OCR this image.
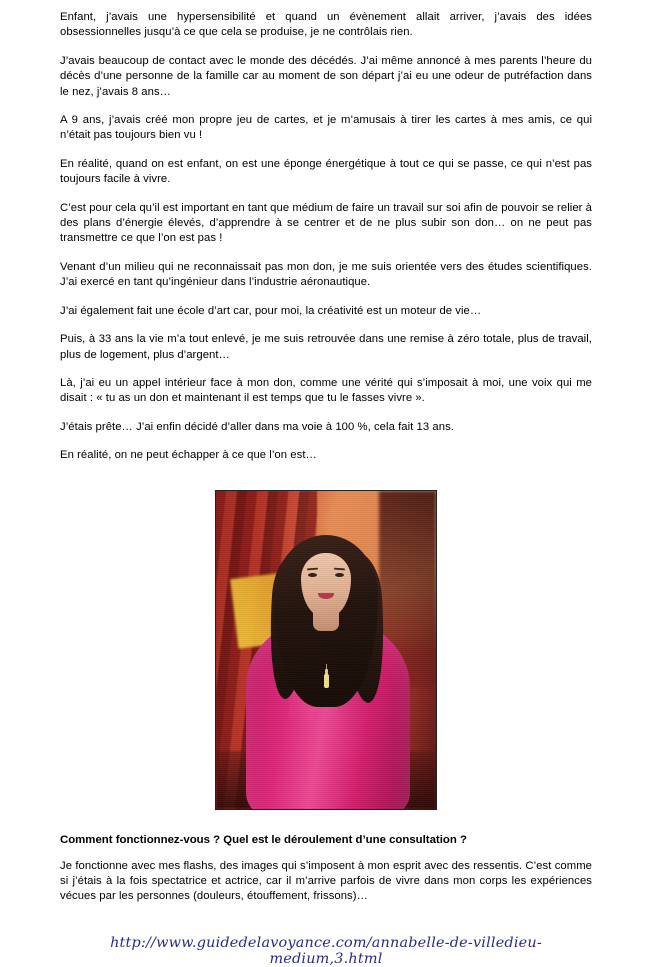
Enfant, j’avais une hypersensibilité et quand un évènement allait arriver, j’avais des idées obsessionnelles jusqu’à ce que cela se produise, je ne contrôlais rien.

J’avais beaucoup de contact avec le monde des décédés. J’ai même annoncé à mes parents l’heure du décès d’une personne de la famille car au moment de son départ j’ai eu une odeur de putréfaction dans le nez, j’avais 8 ans…

A 9 ans, j’avais créé mon propre jeu de cartes, et je m’amusais à tirer les cartes à mes amis, ce qui n’était pas toujours bien vu !

En réalité, quand on est enfant, on est une éponge énergétique à tout ce qui se passe, ce qui n’est pas toujours facile à vivre.

C’est pour cela qu’il est important en tant que médium de faire un travail sur soi afin de pouvoir se relier à des plans d’énergie élevés, d’apprendre à se centrer et de ne plus subir son don… on ne peut pas transmettre ce que l’on est pas !

Venant d’un milieu qui ne reconnaissait pas mon don, je me suis orientée vers des études scientifiques. J’ai exercé en tant qu’ingénieur dans l’industrie aéronautique.

J’ai également fait une école d’art car, pour moi, la créativité est un moteur de vie…

Puis, à 33 ans la vie m’a tout enlevé, je me suis retrouvée dans une remise à zéro totale, plus de travail, plus de logement, plus d’argent…

Là, j’ai eu un appel intérieur face à mon don, comme une vérité qui s’imposait à moi, une voix qui me disait : « tu as un don et maintenant il est temps que tu le fasses vivre ».

J’étais prête… J’ai enfin décidé d’aller dans ma voie à 100 %, cela fait 13 ans.

En réalité, on ne peut échapper à ce que l’on est…

Comment fonctionnez-vous ? Quel est le déroulement d’une consultation ?

Je fonctionne avec mes flashs, des images qui s’imposent à mon esprit avec des ressentis. C’est comme si j’étais à la fois spectatrice et actrice, car il m’arrive parfois de vivre dans mon corps les expériences vécues par les personnes (douleurs, étouffement, frissons)…

http://www.guidedelavoyance.com/annabelle-de-villedieu-medium,3.html
